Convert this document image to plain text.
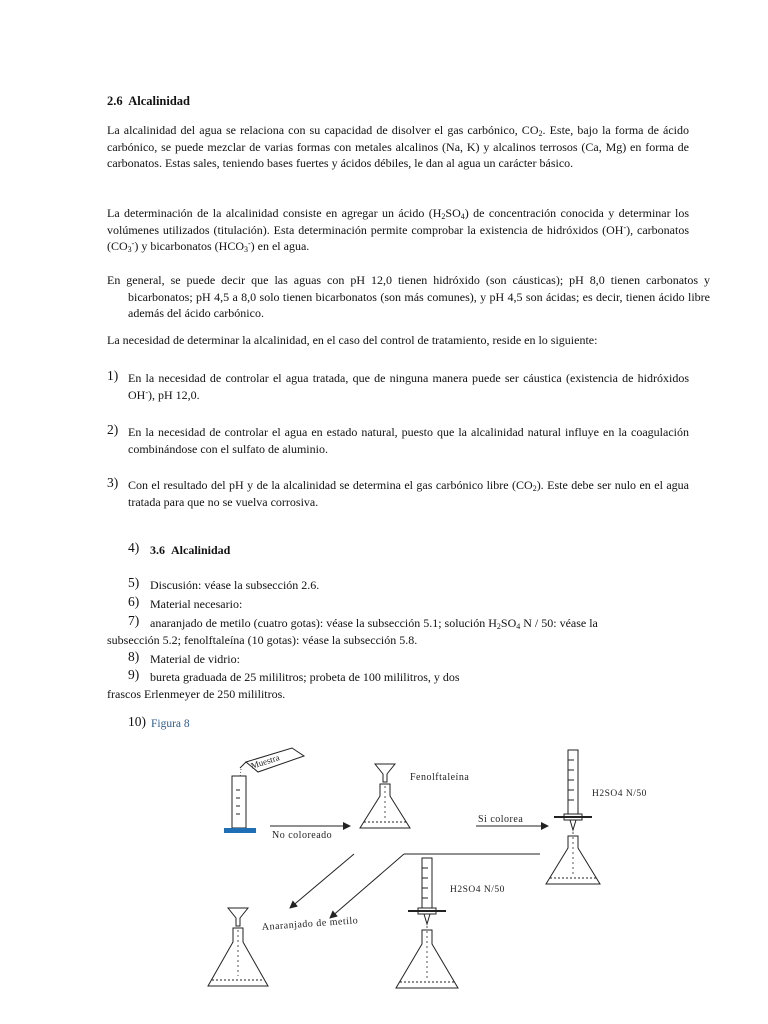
2.6 Alcalinidad
La alcalinidad del agua se relaciona con su capacidad de disolver el gas carbónico, $CO_2$. Este, bajo la forma de ácido carbónico, se puede mezclar de varias formas con metales alcalinos (Na, K) y alcalinos terrosos (Ca, Mg) en forma de carbonatos. Estas sales, teniendo bases fuertes y ácidos débiles, le dan al agua un carácter básico.
La determinación de la alcalinidad consiste en agregar un ácido $(H_2SO_4)$ de concentración conocida y determinar los volúmenes utilizados (titulación). Esta determinación permite comprobar la existencia de hidróxidos (OH-), carbonatos $(CO_3^-)$ y bicarbonatos $(HCO_3^-)$ en el agua.
En general, se puede decir que las aguas con pH 12,0 tienen hidróxido (son cáusticas); pH 8,0 tienen carbonatos y bicarbonatos; pH 4,5 a 8,0 solo tienen bicarbonatos (son más comunes), y pH 4,5 son ácidas; es decir, tienen ácido libre además del ácido carbónico.
La necesidad de determinar la alcalinidad, en el caso del control de tratamiento, reside en lo siguiente:
1) En la necesidad de controlar el agua tratada, que de ninguna manera puede ser cáustica (existencia de hidróxidos OH-), pH 12,0.
2) En la necesidad de controlar el agua en estado natural, puesto que la alcalinidad natural influye en la coagulación combinándose con el sulfato de aluminio.
3) Con el resultado del pH y de la alcalinidad se determina el gas carbónico libre $(CO_2)$. Este debe ser nulo en el agua tratada para que no se vuelva corrosiva.
4) 3.6 Alcalinidad
5) Discusión: véase la subsección 2.6.
6) Material necesario:
7) anaranjado de metilo (cuatro gotas): véase la subsección 5.1; solución $H_2SO_4$ N / 50: véase la
subsección 5.2; fenolftaleína (10 gotas): véase la subsección 5.8.
8) Material de vidrio:
9) bureta graduada de 25 mililitros; probeta de 100 mililitros, y dos
frascos Erlenmeyer de 250 mililitros.
10) Figura 8
Muestra
No coloreado
Fenolftaleína
Si colorea
H2SO4 N/50
H2SO4 N/50
Anaranjado de metilo
